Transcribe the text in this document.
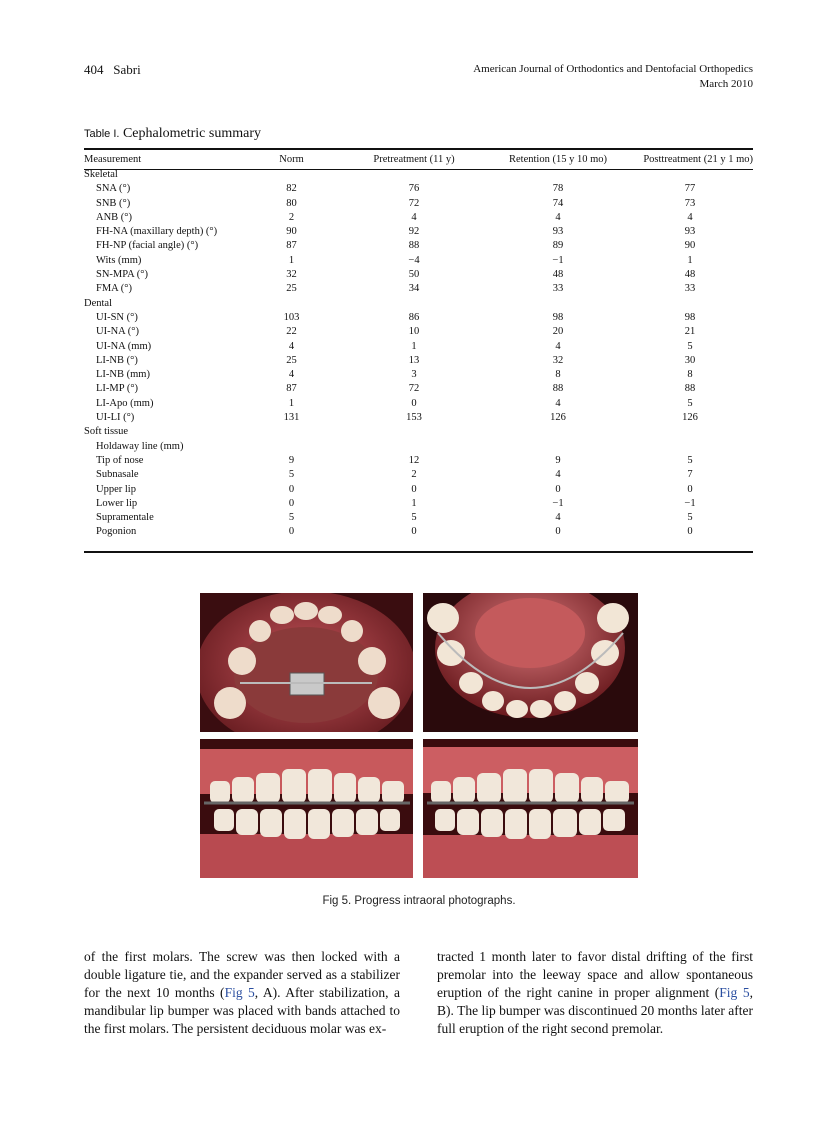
404 Sabri	American Journal of Orthodontics and Dentofacial Orthopedics
March 2010
Table I. Cephalometric summary
Measurement	Norm	Pretreatment (11 y)	Retention (15 y 10 mo)	Posttreatment (21 y 1 mo)
Skeletal				
SNA (°)	82	76	78	77
SNB (°)	80	72	74	73
ANB (°)	2	4	4	4
FH-NA (maxillary depth) (°)	90	92	93	93
FH-NP (facial angle) (°)	87	88	89	90
Wits (mm)	1	−4	−1	1
SN-MPA (°)	32	50	48	48
FMA (°)	25	34	33	33
Dental				
UI-SN (°)	103	86	98	98
UI-NA (°)	22	10	20	21
UI-NA (mm)	4	1	4	5
LI-NB (°)	25	13	32	30
LI-NB (mm)	4	3	8	8
LI-MP (°)	87	72	88	88
LI-Apo (mm)	1	0	4	5
UI-LI (°)	131	153	126	126
Soft tissue				
Holdaway line (mm)				
Tip of nose	9	12	9	5
Subnasale	5	2	4	7
Upper lip	0	0	0	0
Lower lip	0	1	−1	−1
Supramentale	5	5	4	5
Pogonion	0	0	0	0
Fig 5. Progress intraoral photographs.
of the first molars. The screw was then locked with a double ligature tie, and the expander served as a stabilizer for the next 10 months (Fig 5, A). After stabilization, a mandibular lip bumper was placed with bands attached to the first molars. The persistent deciduous molar was ex-
tracted 1 month later to favor distal drifting of the first premolar into the leeway space and allow spontaneous eruption of the right canine in proper alignment (Fig 5, B). The lip bumper was discontinued 20 months later after full eruption of the right second premolar.
